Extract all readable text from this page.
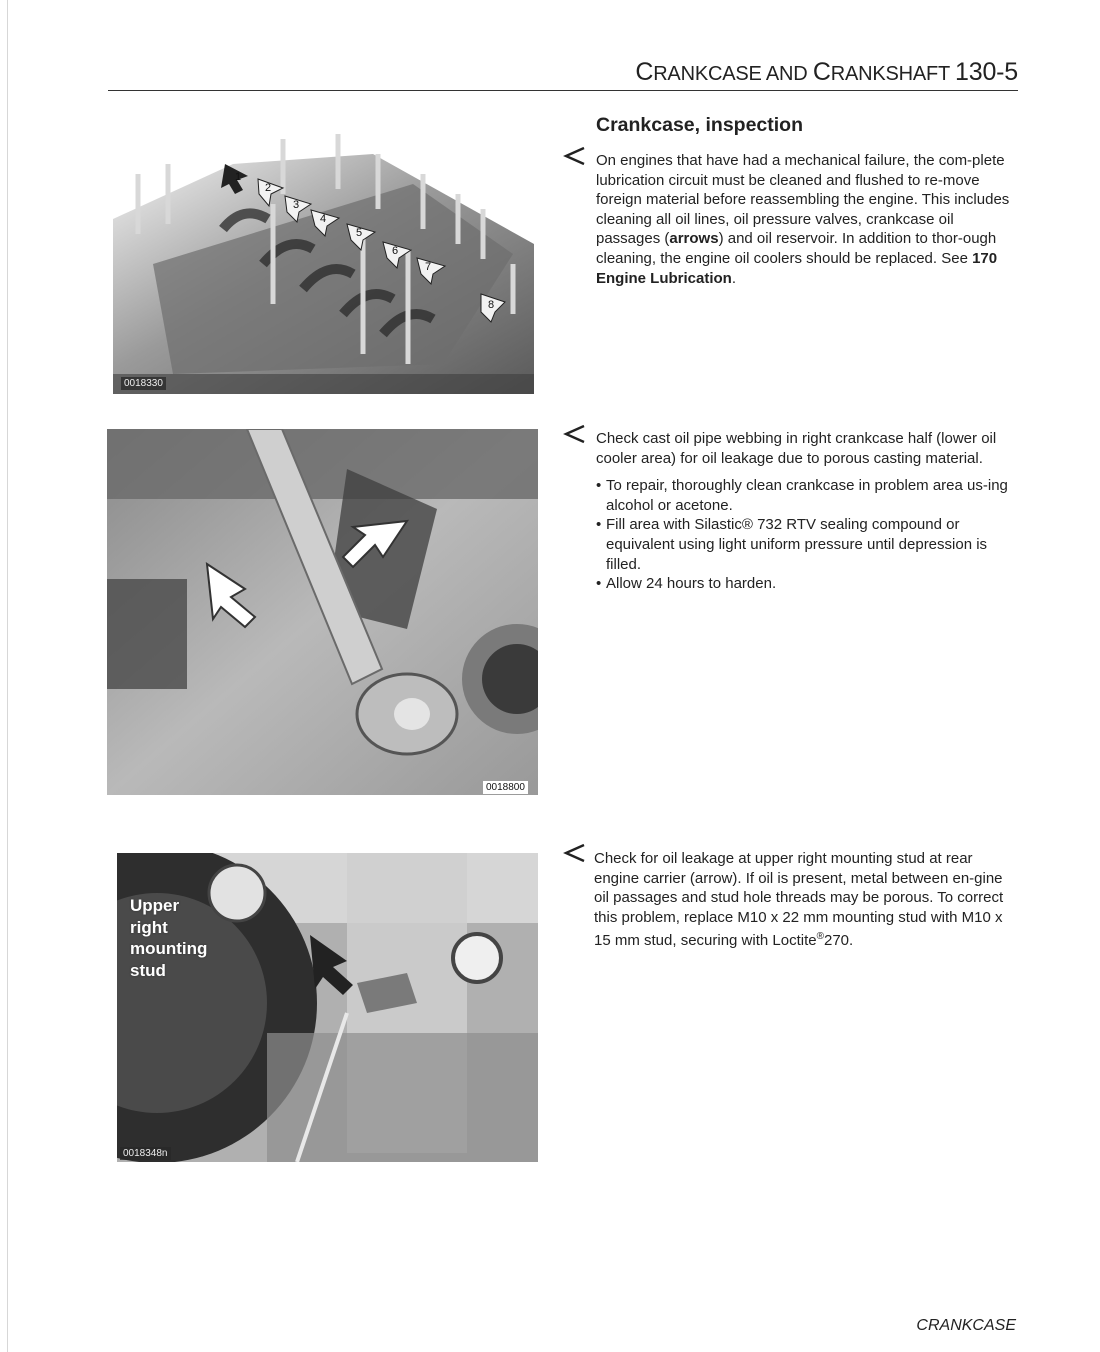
CRANKCASE AND CRANKSHAFT 130-5
1
2
3
4
5
6
7
8
0018330
0018800
0018348n
Upper
right
mounting
stud
Crankcase, inspection

On engines that have had a mechanical failure, the com-plete lubrication circuit must be cleaned and flushed to re-move foreign material before reassembling the engine. This includes cleaning all oil lines, oil pressure valves, crankcase oil passages (arrows) and oil reservoir. In addition to thor-ough cleaning, the engine oil coolers should be replaced. See 170 Engine Lubrication.

Check cast oil pipe webbing in right crankcase half (lower oil cooler area) for oil leakage due to porous casting material.

• To repair, thoroughly clean crankcase in problem area us-ing alcohol or acetone.
• Fill area with Silastic® 732 RTV sealing compound or equivalent using light uniform pressure until depression is filled.
• Allow 24 hours to harden.

Check for oil leakage at upper right mounting stud at rear engine carrier (arrow). If oil is present, metal between en-gine oil passages and stud hole threads may be porous. To correct this problem, replace M10 x 22 mm mounting stud with M10 x 15 mm stud, securing with Loctite®270.

CRANKCASE
